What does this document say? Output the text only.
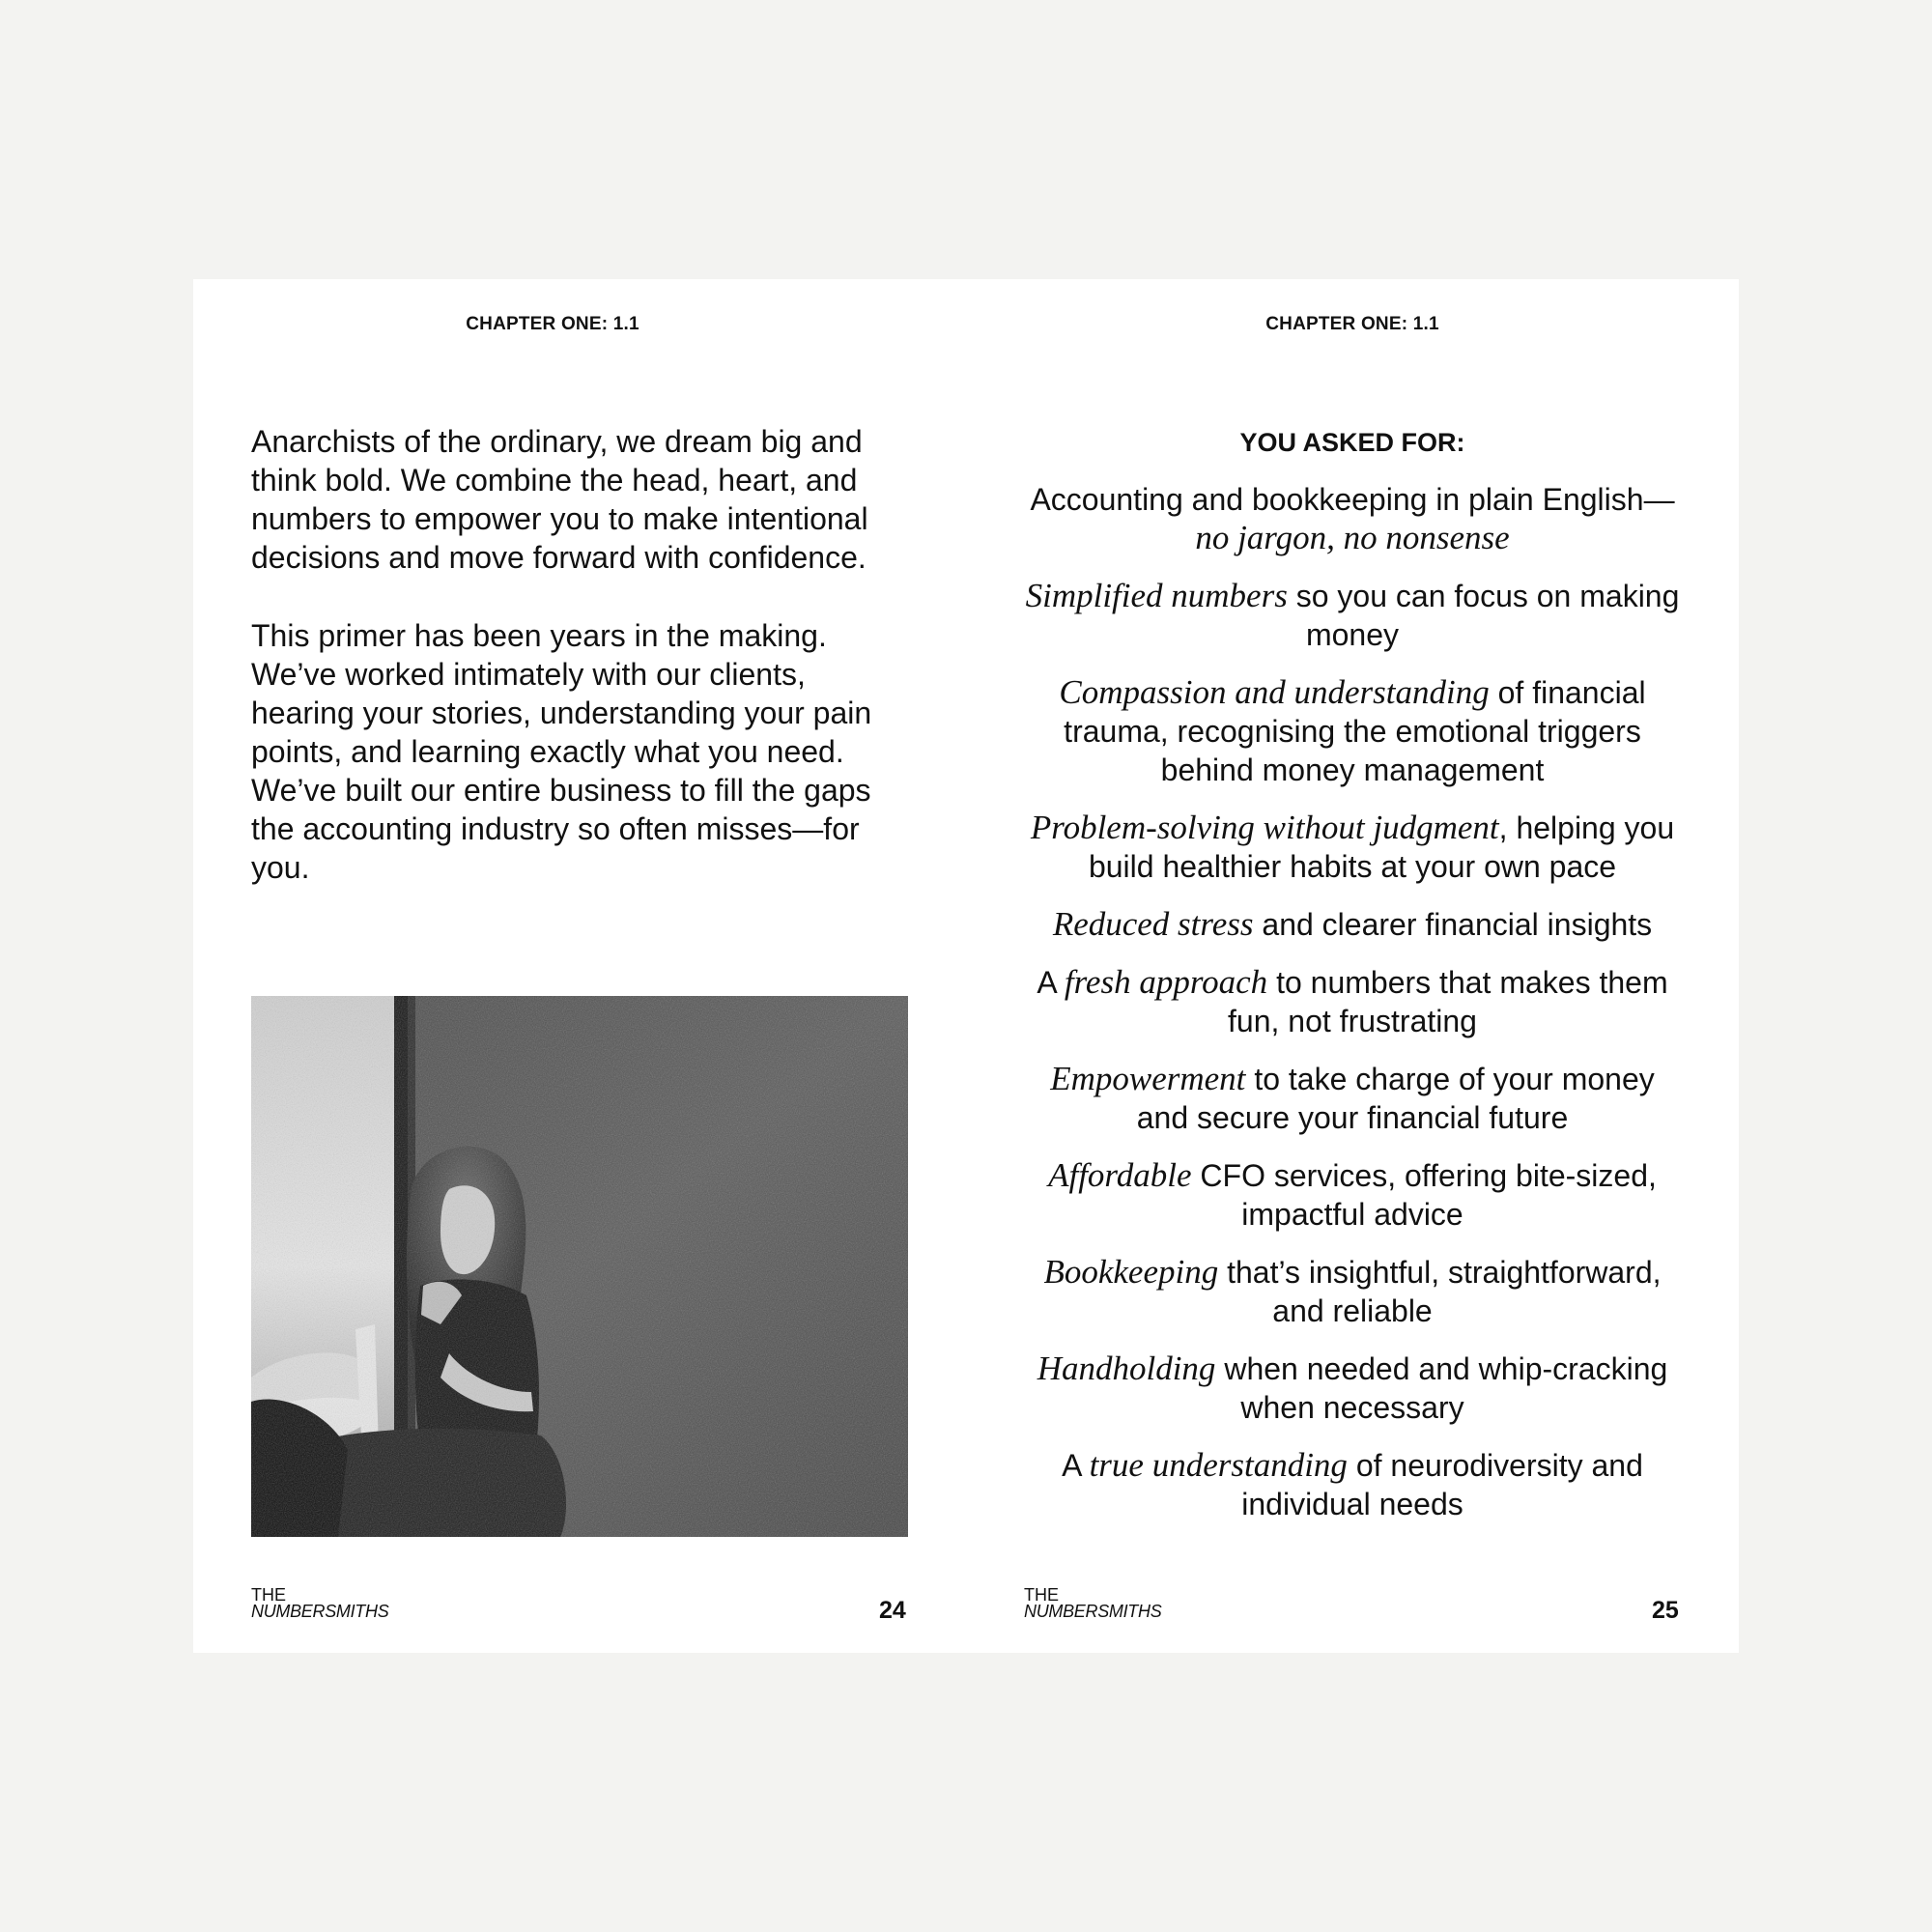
CHAPTER ONE: 1.1

Anarchists of the ordinary, we dream big and think bold. We combine the head, heart, and numbers to empower you to make intentional decisions and move forward with confidence.

This primer has been years in the making. We’ve worked intimately with our clients, hearing your stories, understanding your pain points, and learning exactly what you need. We’ve built our entire business to fill the gaps the accounting industry so often misses—for you.

THE
NUMBERSMITHS	24
CHAPTER ONE: 1.1
YOU ASKED FOR:

Accounting and bookkeeping in plain English—no jargon, no nonsense

Simplified numbers so you can focus on making money

Compassion and understanding of financial trauma, recognising the emotional triggers behind money management

Problem-solving without judgment, helping you build healthier habits at your own pace

Reduced stress and clearer financial insights

A fresh approach to numbers that makes them fun, not frustrating

Empowerment to take charge of your money and secure your financial future

Affordable CFO services, offering bite-sized, impactful advice

Bookkeeping that’s insightful, straightforward, and reliable

Handholding when needed and whip-cracking when necessary

A true understanding of neurodiversity and individual needs

THE
NUMBERSMITHS	25
